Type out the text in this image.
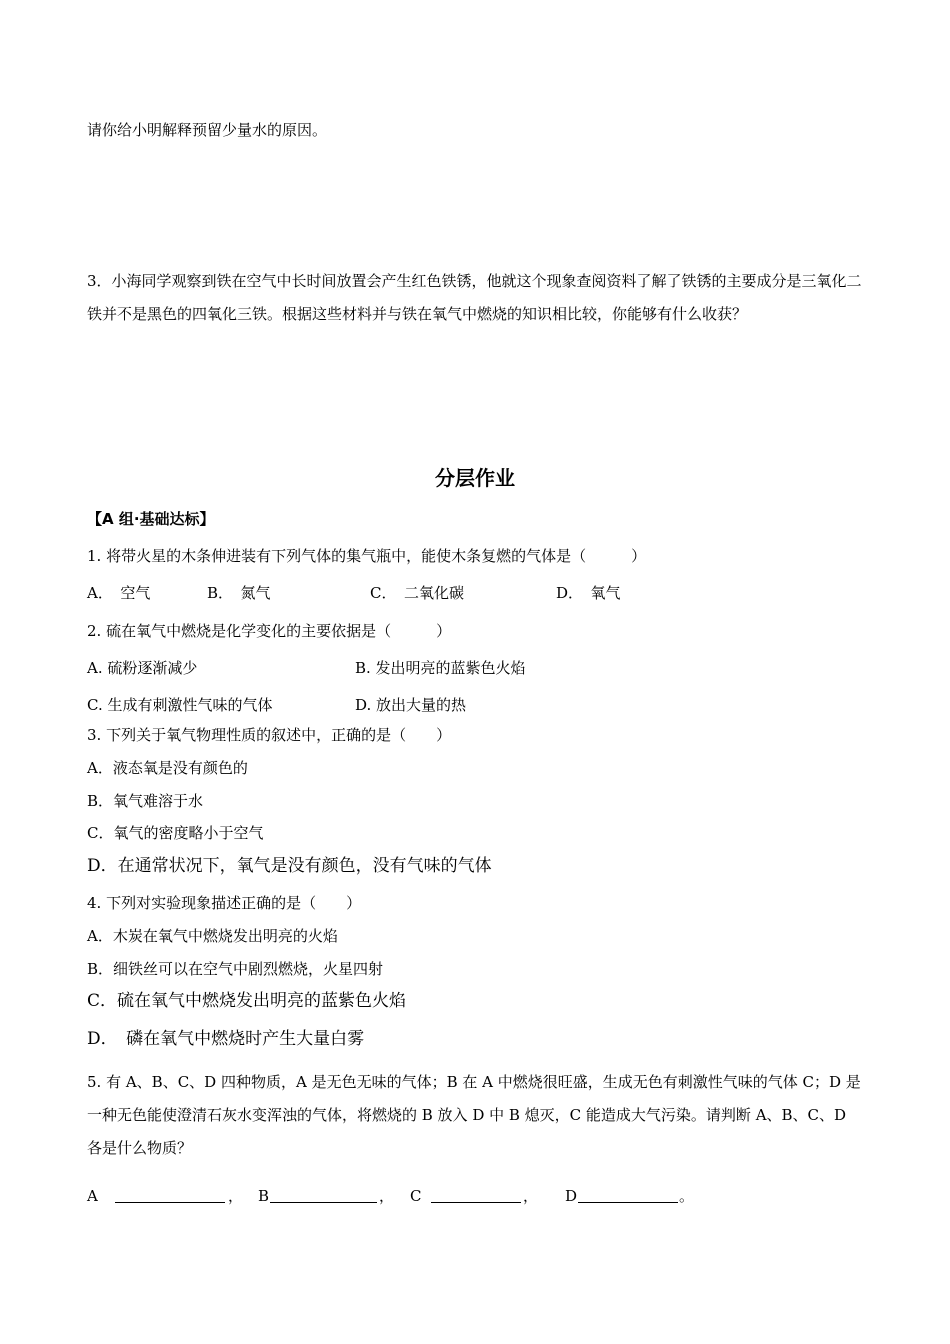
请你给小明解释预留少量水的原因。
3．小海同学观察到铁在空气中长时间放置会产生红色铁锈，他就这个现象查阅资料了解了铁锈的主要成分是三氧化二铁并不是黑色的四氧化三铁。根据这些材料并与铁在氧气中燃烧的知识相比较，你能够有什么收获？
分层作业
【A 组·基础达标】
1. 将带火星的木条伸进装有下列气体的集气瓶中，能使木条复燃的气体是（　　　）
A．　空气	B．　氮气	C．　二氧化碳	D．　氧气
2. 硫在氧气中燃烧是化学变化的主要依据是（　　　）
A. 硫粉逐渐减少	B. 发出明亮的蓝紫色火焰
C. 生成有刺激性气味的气体	D. 放出大量的热
3. 下列关于氧气物理性质的叙述中，正确的是（　　）
A．液态氧是没有颜色的
B．氧气难溶于水
C．氧气的密度略小于空气
D．在通常状况下，氧气是没有颜色，没有气味的气体
4. 下列对实验现象描述正确的是（　　）
A．木炭在氧气中燃烧发出明亮的火焰
B．细铁丝可以在空气中剧烈燃烧，火星四射
C．硫在氧气中燃烧发出明亮的蓝紫色火焰
D．　磷在氧气中燃烧时产生大量白雾
5. 有 A、B、C、D 四种物质，A 是无色无味的气体；B 在 A 中燃烧很旺盛，生成无色有刺激性气味的气体 C；D 是一种无色能使澄清石灰水变浑浊的气体，将燃烧的 B 放入 D 中 B 熄灭，C 能造成大气污染。请判断 A、B、C、D 各是什么物质？
A	， B	， C	， D	。
